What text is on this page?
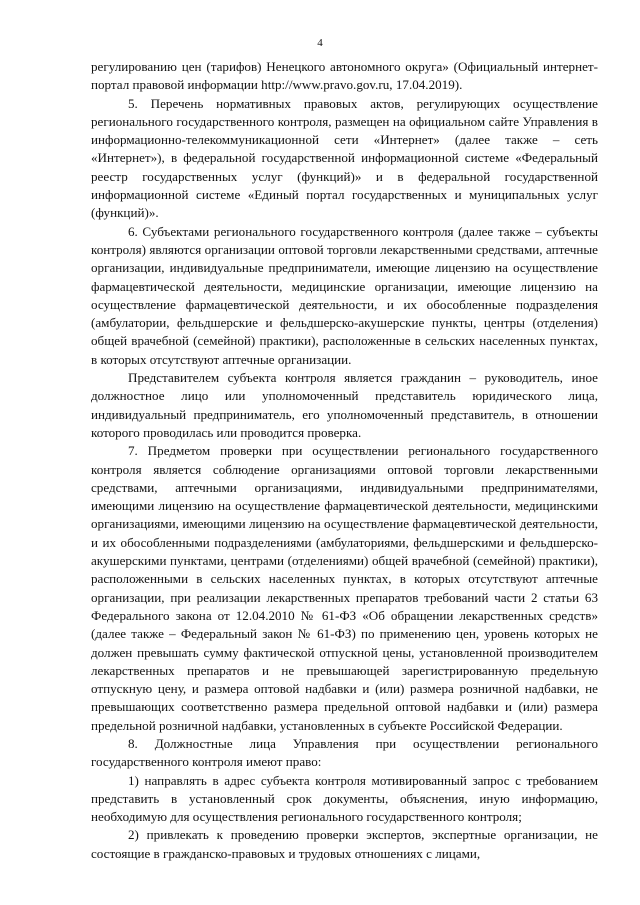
4

регулированию цен (тарифов) Ненецкого автономного округа» (Официальный интернет-портал правовой информации http://www.pravo.gov.ru, 17.04.2019).

5. Перечень нормативных правовых актов, регулирующих осуществление регионального государственного контроля, размещен на официальном сайте Управления в информационно-телекоммуникационной сети «Интернет» (далее также – сеть «Интернет»), в федеральной государственной информационной системе «Федеральный реестр государственных услуг (функций)» и в федеральной государственной информационной системе «Единый портал государственных и муниципальных услуг (функций)».

6. Субъектами регионального государственного контроля (далее также – субъекты контроля) являются организации оптовой торговли лекарственными средствами, аптечные организации, индивидуальные предприниматели, имеющие лицензию на осуществление фармацевтической деятельности, медицинские организации, имеющие лицензию на осуществление фармацевтической деятельности, и их обособленные подразделения (амбулатории, фельдшерские и фельдшерско-акушерские пункты, центры (отделения) общей врачебной (семейной) практики), расположенные в сельских населенных пунктах, в которых отсутствуют аптечные организации.

Представителем субъекта контроля является гражданин – руководитель, иное должностное лицо или уполномоченный представитель юридического лица, индивидуальный предприниматель, его уполномоченный представитель, в отношении которого проводилась или проводится проверка.

7. Предметом проверки при осуществлении регионального государственного контроля является соблюдение организациями оптовой торговли лекарственными средствами, аптечными организациями, индивидуальными предпринимателями, имеющими лицензию на осуществление фармацевтической деятельности, медицинскими организациями, имеющими лицензию на осуществление фармацевтической деятельности, и их обособленными подразделениями (амбулаториями, фельдшерскими и фельдшерско-акушерскими пунктами, центрами (отделениями) общей врачебной (семейной) практики), расположенными в сельских населенных пунктах, в которых отсутствуют аптечные организации, при реализации лекарственных препаратов требований части 2 статьи 63 Федерального закона от 12.04.2010 № 61-ФЗ «Об обращении лекарственных средств» (далее также – Федеральный закон № 61-ФЗ) по применению цен, уровень которых не должен превышать сумму фактической отпускной цены, установленной производителем лекарственных препаратов и не превышающей зарегистрированную предельную отпускную цену, и размера оптовой надбавки и (или) размера розничной надбавки, не превышающих соответственно размера предельной оптовой надбавки и (или) размера предельной розничной надбавки, установленных в субъекте Российской Федерации.

8. Должностные лица Управления при осуществлении регионального государственного контроля имеют право:

1) направлять в адрес субъекта контроля мотивированный запрос с требованием представить в установленный срок документы, объяснения, иную информацию, необходимую для осуществления регионального государственного контроля;

2) привлекать к проведению проверки экспертов, экспертные организации, не состоящие в гражданско-правовых и трудовых отношениях с лицами,
